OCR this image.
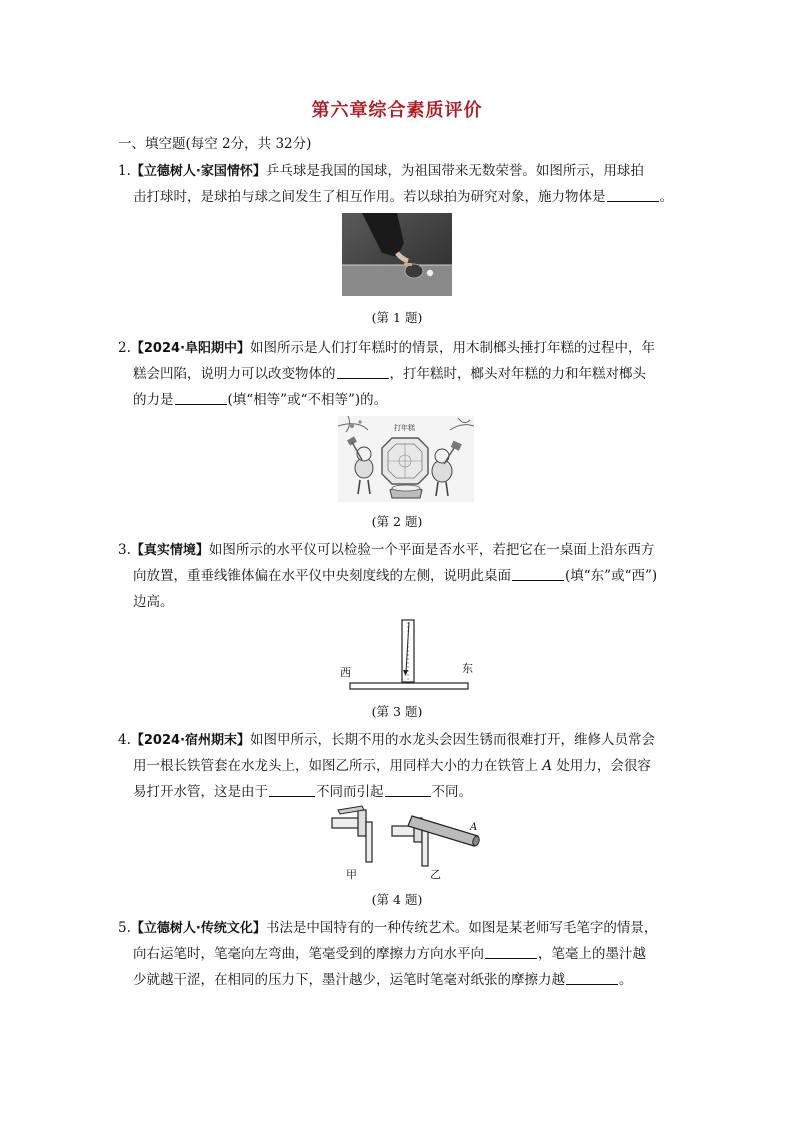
第六章综合素质评价
一、填空题(每空 2分，共 32分)
1.【立德树人·家国情怀】乒乓球是我国的国球，为祖国带来无数荣誉。如图所示，用球拍
击打球时，是球拍与球之间发生了相互作用。若以球拍为研究对象，施力物体是	。
(第 1 题)
2.【2024·阜阳期中】如图所示是人们打年糕时的情景，用木制榔头捶打年糕的过程中，年
糕会凹陷，说明力可以改变物体的	，打年糕时，榔头对年糕的力和年糕对榔头
的力是	(填“相等”或“不相等”)的。
打年糕
(第 2 题)
3.【真实情境】如图所示的水平仪可以检验一个平面是否水平，若把它在一桌面上沿东西方
向放置，重垂线锥体偏在水平仪中央刻度线的左侧，说明此桌面	(填“东”或“西”)
边高。
西	东
(第 3 题)
4.【2024·宿州期末】如图甲所示，长期不用的水龙头会因生锈而很难打开，维修人员常会
用一根长铁管套在水龙头上，如图乙所示，用同样大小的力在铁管上 A 处用力，会很容
易打开水管，这是由于	不同而引起	不同。
甲
A
乙
(第 4 题)
5.【立德树人·传统文化】书法是中国特有的一种传统艺术。如图是某老师写毛笔字的情景，
向右运笔时，笔毫向左弯曲，笔毫受到的摩擦力方向水平向	，笔毫上的墨汁越
少就越干涩，在相同的压力下，墨汁越少，运笔时笔毫对纸张的摩擦力越	。
